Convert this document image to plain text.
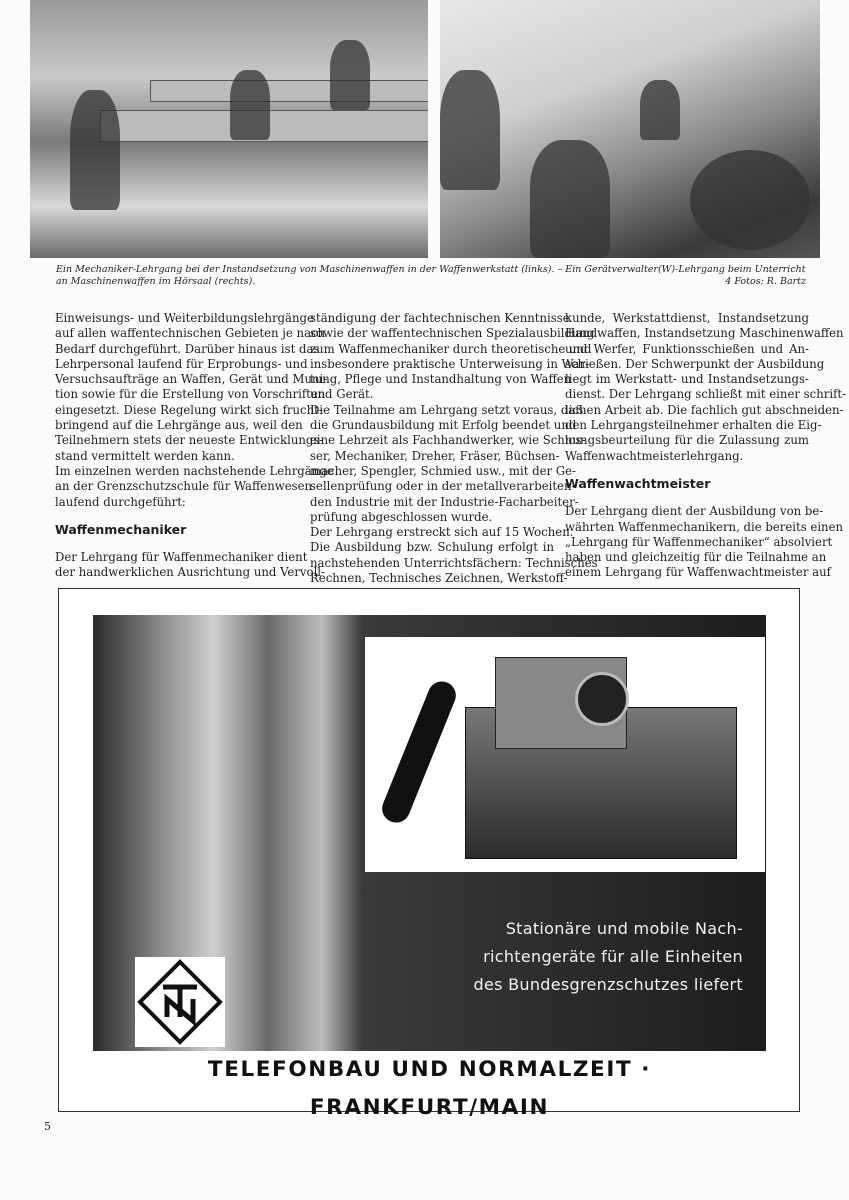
Ein Mechaniker-Lehrgang bei der Instandsetzung von Maschinenwaffen in der Waffenwerkstatt (links). – Ein Gerätverwalter(W)-Lehrgang beim Unterricht an Maschinenwaffen im Hörsaal (rechts).	4 Fotos: R. Bartz
Einweisungs- und Weiterbildungslehrgänge
auf allen waffentechnischen Gebieten je nach
Bedarf durchgeführt. Darüber hinaus ist das
Lehrpersonal laufend für Erprobungs- und
Versuchsaufträge an Waffen, Gerät und Muni-
tion sowie für die Erstellung von Vorschriften
eingesetzt. Diese Regelung wirkt sich frucht-
bringend auf die Lehrgänge aus, weil den
Teilnehmern stets der neueste Entwicklungs-
stand vermittelt werden kann.
Im einzelnen werden nachstehende Lehrgänge
an der Grenzschutzschule für Waffenwesen
laufend durchgeführt:
Waffenmechaniker
Der Lehrgang für Waffenmechaniker dient
der handwerklichen Ausrichtung und Vervoll-
ständigung der fachtechnischen Kenntnisse
sowie der waffentechnischen Spezialausbildung
zum Waffenmechaniker durch theoretische und
insbesondere praktische Unterweisung in War-
tung, Pflege und Instandhaltung von Waffen
und Gerät.
Die Teilnahme am Lehrgang setzt voraus, daß
die Grundausbildung mit Erfolg beendet und
eine Lehrzeit als Fachhandwerker, wie Schlos-
ser, Mechaniker, Dreher, Fräser, Büchsen-
macher, Spengler, Schmied usw., mit der Ge-
sellenprüfung oder in der metallverarbeiten-
den Industrie mit der Industrie-Facharbeiter-
prüfung abgeschlossen wurde.
Der Lehrgang erstreckt sich auf 15 Wochen.
Die Ausbildung bzw. Schulung erfolgt in
nachstehenden Unterrichtsfächern: Technisches
Rechnen, Technisches Zeichnen, Werkstoff-
kunde, Werkstattdienst, Instandsetzung
Handwaffen, Instandsetzung Maschinenwaffen
und Werfer, Funktionsschießen und An-
schießen. Der Schwerpunkt der Ausbildung
liegt im Werkstatt- und Instandsetzungs-
dienst. Der Lehrgang schließt mit einer schrift-
lichen Arbeit ab. Die fachlich gut abschneiden-
den Lehrgangsteilnehmer erhalten die Eig-
nungsbeurteilung für die Zulassung zum
Waffenwachtmeisterlehrgang.
Waffenwachtmeister
Der Lehrgang dient der Ausbildung von be-
währten Waffenmechanikern, die bereits einen
„Lehrgang für Waffenmechaniker“ absolviert
haben und gleichzeitig für die Teilnahme an
einem Lehrgang für Waffenwachtmeister auf
Stationäre und mobile Nach-
richtengeräte für alle Einheiten
des Bundesgrenzschutzes liefert
TELEFONBAU UND NORMALZEIT · FRANKFURT/MAIN
5
